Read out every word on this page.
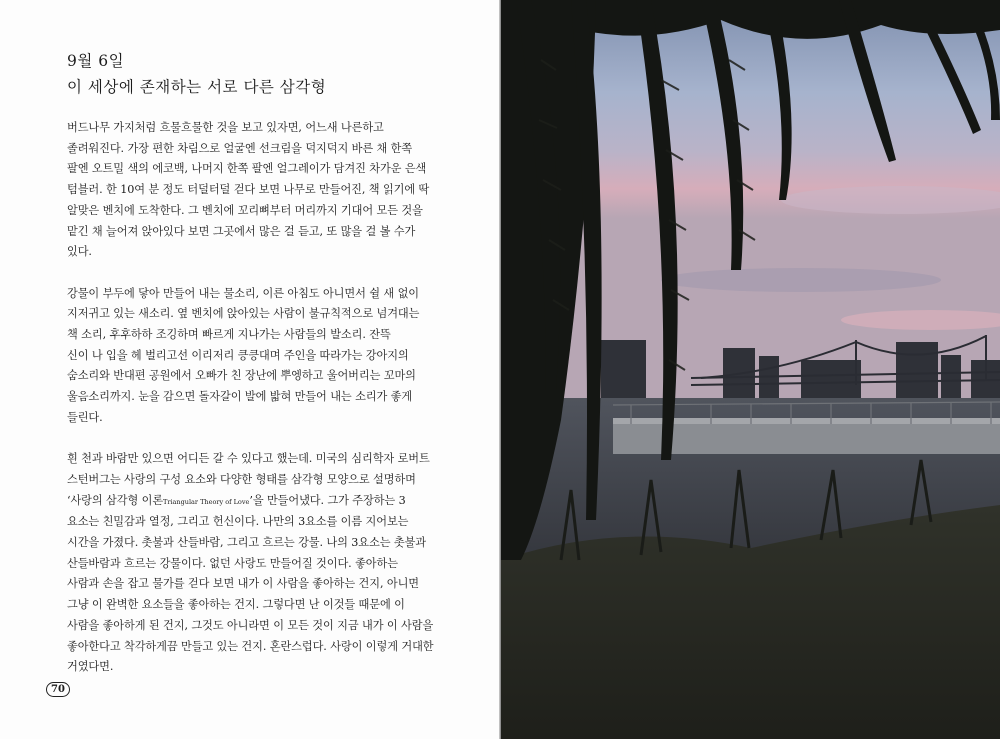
9월 6일
이 세상에 존재하는 서로 다른 삼각형

버드나무 가지처럼 흐물흐물한 것을 보고 있자면, 어느새 나른하고
졸려워진다. 가장 편한 차림으로 얼굴엔 선크림을 덕지덕지 바른 채 한쪽
팔엔 오트밀 색의 에코백, 나머지 한쪽 팔엔 얼그레이가 담겨진 차가운 은색
텀블러. 한 10여 분 정도 터덜터덜 걷다 보면 나무로 만들어진, 책 읽기에 딱
알맞은 벤치에 도착한다. 그 벤치에 꼬리뼈부터 머리까지 기대어 모든 것을
맡긴 채 늘어져 앉아있다 보면 그곳에서 많은 걸 듣고, 또 많을 걸 볼 수가
있다.

강물이 부두에 닿아 만들어 내는 물소리, 이른 아침도 아니면서 쉴 새 없이
지저귀고 있는 새소리. 옆 벤치에 앉아있는 사람이 불규칙적으로 넘겨대는
책 소리, 후후하하 조깅하며 빠르게 지나가는 사람들의 발소리. 잔뜩
신이 나 입을 헤 벌리고선 이리저리 킁킁대며 주인을 따라가는 강아지의
숨소리와 반대편 공원에서 오빠가 친 장난에 뿌엥하고 울어버리는 꼬마의
울음소리까지. 눈을 감으면 돌자갈이 발에 밟혀 만들어 내는 소리가 좋게
들린다.

흰 천과 바람만 있으면 어디든 갈 수 있다고 했는데. 미국의 심리학자 로버트
스턴버그는 사랑의 구성 요소와 다양한 형태를 삼각형 모양으로 설명하며
‘사랑의 삼각형 이론Triangular Theory of Love’을 만들어냈다. 그가 주장하는 3
요소는 친밀감과 열정, 그리고 헌신이다. 나만의 3요소를 이름 지어보는
시간을 가졌다. 촛불과 산들바람, 그리고 흐르는 강물. 나의 3요소는 촛불과
산들바람과 흐르는 강물이다. 없던 사랑도 만들어질 것이다. 좋아하는
사람과 손을 잡고 물가를 걷다 보면 내가 이 사람을 좋아하는 건지, 아니면
그냥 이 완벽한 요소들을 좋아하는 건지. 그렇다면 난 이것들 때문에 이
사람을 좋아하게 된 건지, 그것도 아니라면 이 모든 것이 지금 내가 이 사람을
좋아한다고 착각하게끔 만들고 있는 건지. 혼란스럽다. 사랑이 이렇게 거대한
거였다면.

70
